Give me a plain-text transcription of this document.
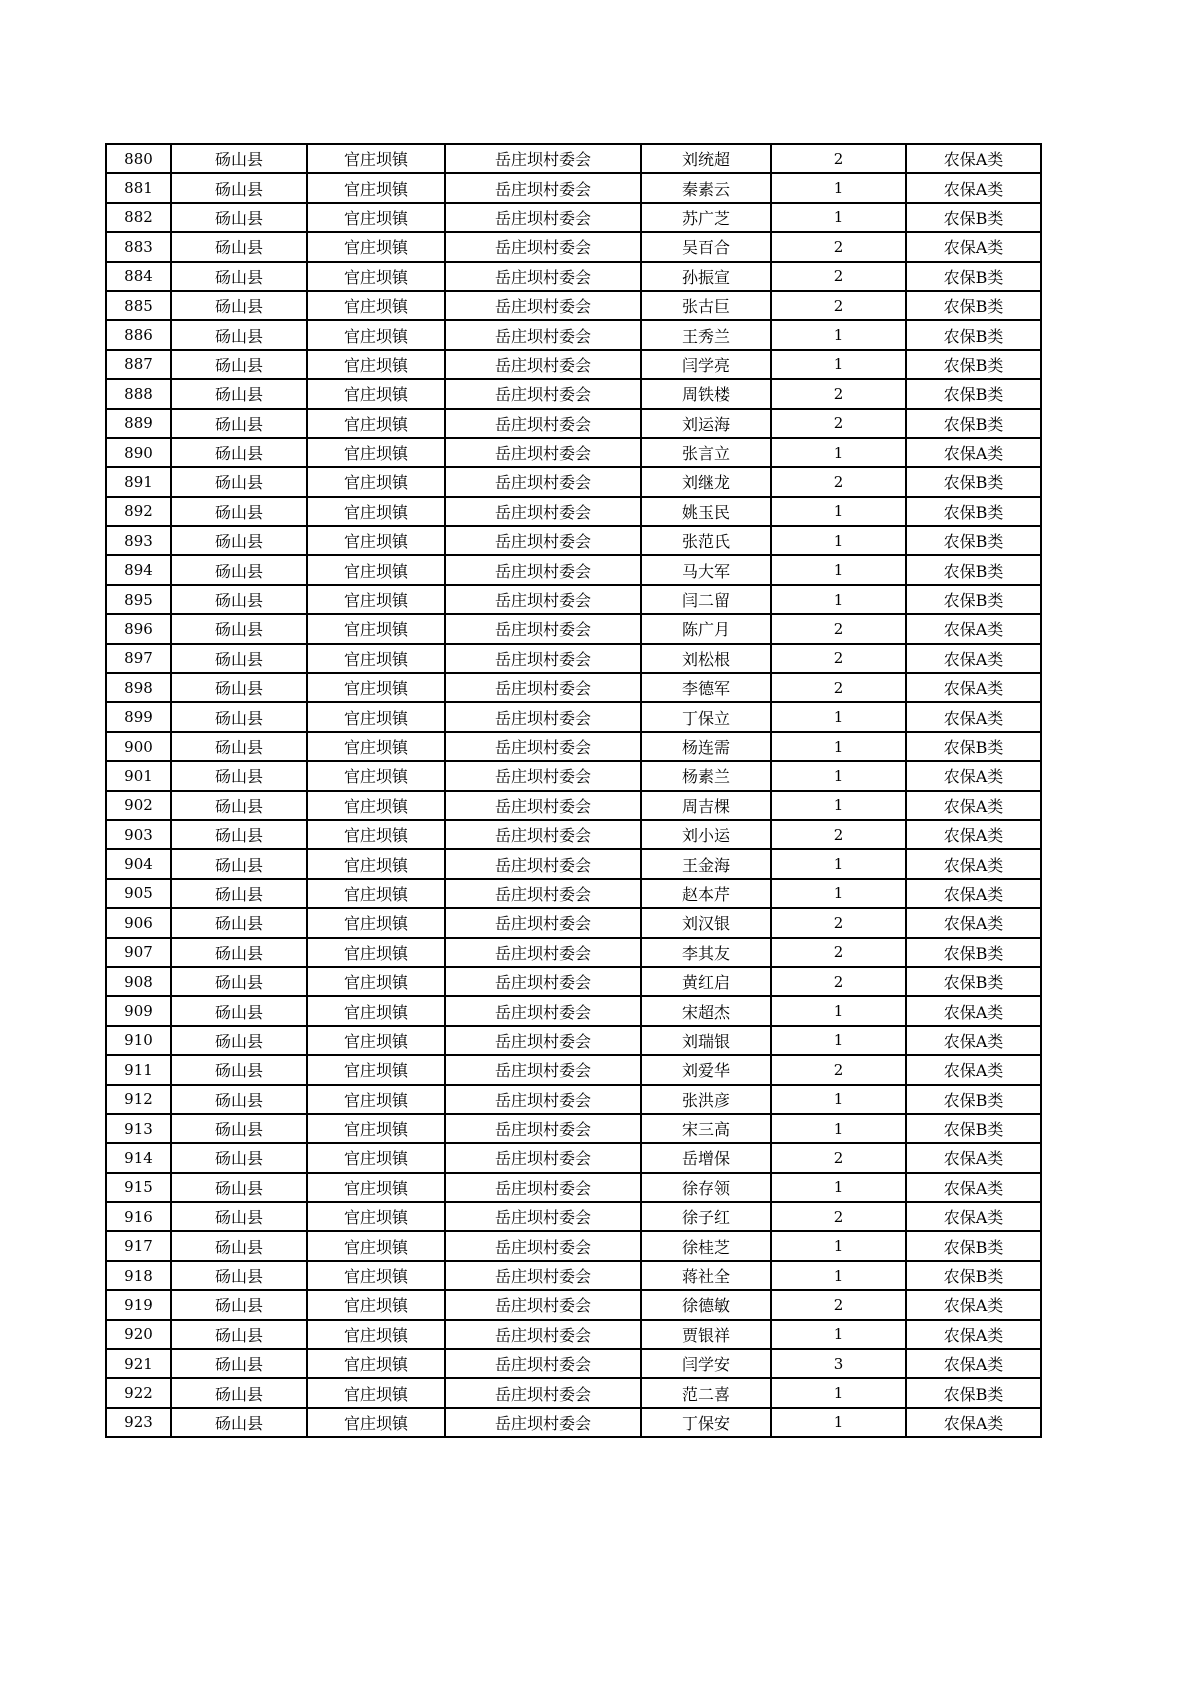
880	砀山县	官庄坝镇	岳庄坝村委会	刘统超	2	农保A类
881	砀山县	官庄坝镇	岳庄坝村委会	秦素云	1	农保A类
882	砀山县	官庄坝镇	岳庄坝村委会	苏广芝	1	农保B类
883	砀山县	官庄坝镇	岳庄坝村委会	吴百合	2	农保A类
884	砀山县	官庄坝镇	岳庄坝村委会	孙振宣	2	农保B类
885	砀山县	官庄坝镇	岳庄坝村委会	张古巨	2	农保B类
886	砀山县	官庄坝镇	岳庄坝村委会	王秀兰	1	农保B类
887	砀山县	官庄坝镇	岳庄坝村委会	闫学亮	1	农保B类
888	砀山县	官庄坝镇	岳庄坝村委会	周铁楼	2	农保B类
889	砀山县	官庄坝镇	岳庄坝村委会	刘运海	2	农保B类
890	砀山县	官庄坝镇	岳庄坝村委会	张言立	1	农保A类
891	砀山县	官庄坝镇	岳庄坝村委会	刘继龙	2	农保B类
892	砀山县	官庄坝镇	岳庄坝村委会	姚玉民	1	农保B类
893	砀山县	官庄坝镇	岳庄坝村委会	张范氏	1	农保B类
894	砀山县	官庄坝镇	岳庄坝村委会	马大军	1	农保B类
895	砀山县	官庄坝镇	岳庄坝村委会	闫二留	1	农保B类
896	砀山县	官庄坝镇	岳庄坝村委会	陈广月	2	农保A类
897	砀山县	官庄坝镇	岳庄坝村委会	刘松根	2	农保A类
898	砀山县	官庄坝镇	岳庄坝村委会	李德军	2	农保A类
899	砀山县	官庄坝镇	岳庄坝村委会	丁保立	1	农保A类
900	砀山县	官庄坝镇	岳庄坝村委会	杨连需	1	农保B类
901	砀山县	官庄坝镇	岳庄坝村委会	杨素兰	1	农保A类
902	砀山县	官庄坝镇	岳庄坝村委会	周吉棵	1	农保A类
903	砀山县	官庄坝镇	岳庄坝村委会	刘小运	2	农保A类
904	砀山县	官庄坝镇	岳庄坝村委会	王金海	1	农保A类
905	砀山县	官庄坝镇	岳庄坝村委会	赵本芹	1	农保A类
906	砀山县	官庄坝镇	岳庄坝村委会	刘汉银	2	农保A类
907	砀山县	官庄坝镇	岳庄坝村委会	李其友	2	农保B类
908	砀山县	官庄坝镇	岳庄坝村委会	黄红启	2	农保B类
909	砀山县	官庄坝镇	岳庄坝村委会	宋超杰	1	农保A类
910	砀山县	官庄坝镇	岳庄坝村委会	刘瑞银	1	农保A类
911	砀山县	官庄坝镇	岳庄坝村委会	刘爱华	2	农保A类
912	砀山县	官庄坝镇	岳庄坝村委会	张洪彦	1	农保B类
913	砀山县	官庄坝镇	岳庄坝村委会	宋三高	1	农保B类
914	砀山县	官庄坝镇	岳庄坝村委会	岳增保	2	农保A类
915	砀山县	官庄坝镇	岳庄坝村委会	徐存领	1	农保A类
916	砀山县	官庄坝镇	岳庄坝村委会	徐子红	2	农保A类
917	砀山县	官庄坝镇	岳庄坝村委会	徐桂芝	1	农保B类
918	砀山县	官庄坝镇	岳庄坝村委会	蒋社全	1	农保B类
919	砀山县	官庄坝镇	岳庄坝村委会	徐德敏	2	农保A类
920	砀山县	官庄坝镇	岳庄坝村委会	贾银祥	1	农保A类
921	砀山县	官庄坝镇	岳庄坝村委会	闫学安	3	农保A类
922	砀山县	官庄坝镇	岳庄坝村委会	范二喜	1	农保B类
923	砀山县	官庄坝镇	岳庄坝村委会	丁保安	1	农保A类
